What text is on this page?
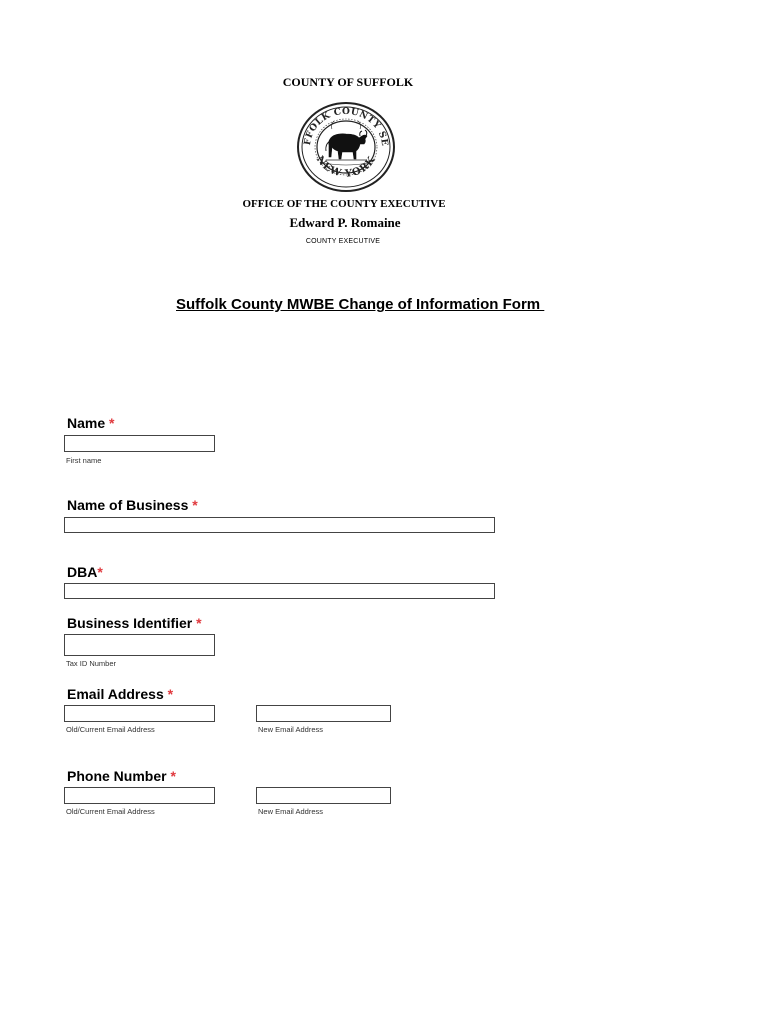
COUNTY OF SUFFOLK
FFOLK COUNTY SE
NEW YORK
OFFICE OF THE COUNTY EXECUTIVE
Edward P. Romaine
COUNTY EXECUTIVE
Suffolk County MWBE Change of Information Form
Name *
First name
Name of Business *
DBA*
Business Identifier *
Tax ID Number
Email Address *
Old/Current Email Address	New Email Address
Phone Number *
Old/Current Email Address	New Email Address
